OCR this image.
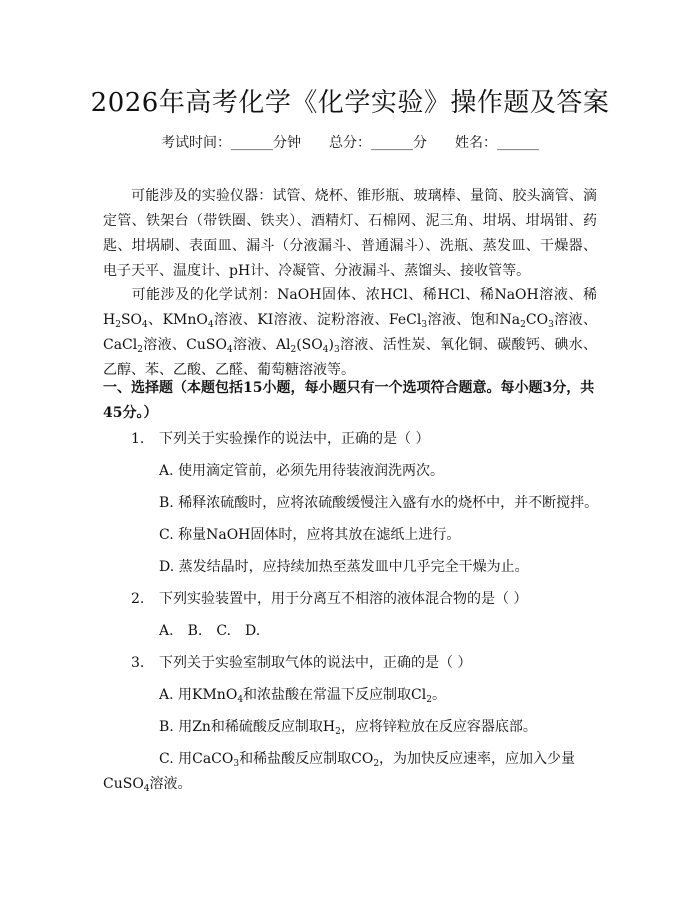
2026年高考化学《化学实验》操作题及答案
考试时间：______分钟 总分：______分 姓名：______
可能涉及的实验仪器：试管、烧杯、锥形瓶、玻璃棒、量筒、胶头滴管、滴定管、铁架台（带铁圈、铁夹）、酒精灯、石棉网、泥三角、坩埚、坩埚钳、药匙、坩埚刷、表面皿、漏斗（分液漏斗、普通漏斗）、洗瓶、蒸发皿、干燥器、电子天平、温度计、pH计、冷凝管、分液漏斗、蒸馏头、接收管等。
可能涉及的化学试剂：NaOH固体、浓HCl、稀HCl、稀NaOH溶液、稀$H_2SO_4$、KMnO$_4$溶液、KI溶液、淀粉溶液、FeCl$_3$溶液、饱和$Na_2CO_3$溶液、CaCl$_2$溶液、CuSO$_4$溶液、$Al_2(SO_4)_3$溶液、活性炭、氧化铜、碳酸钙、碘水、乙醇、苯、乙酸、乙醛、葡萄糖溶液等。
一、选择题（本题包括15小题，每小题只有一个选项符合题意。每小题3分，共45分。）
1. 下列关于实验操作的说法中，正确的是（ ）
A. 使用滴定管前，必须先用待装液润洗两次。
B. 稀释浓硫酸时，应将浓硫酸缓慢注入盛有水的烧杯中，并不断搅拌。
C. 称量NaOH固体时，应将其放在滤纸上进行。
D. 蒸发结晶时，应持续加热至蒸发皿中几乎完全干燥为止。
2. 下列实验装置中，用于分离互不相溶的液体混合物的是（ ）
A. B. C. D.
3. 下列关于实验室制取气体的说法中，正确的是（ ）
A. 用KMnO$_4$和浓盐酸在常温下反应制取$Cl_2$。
B. 用Zn和稀硫酸反应制取$H_2$，应将锌粒放在反应容器底部。
C. 用CaCO$_3$和稀盐酸反应制取$CO_2$，为加快反应速率，应加入少量CuSO$_4$溶液。
